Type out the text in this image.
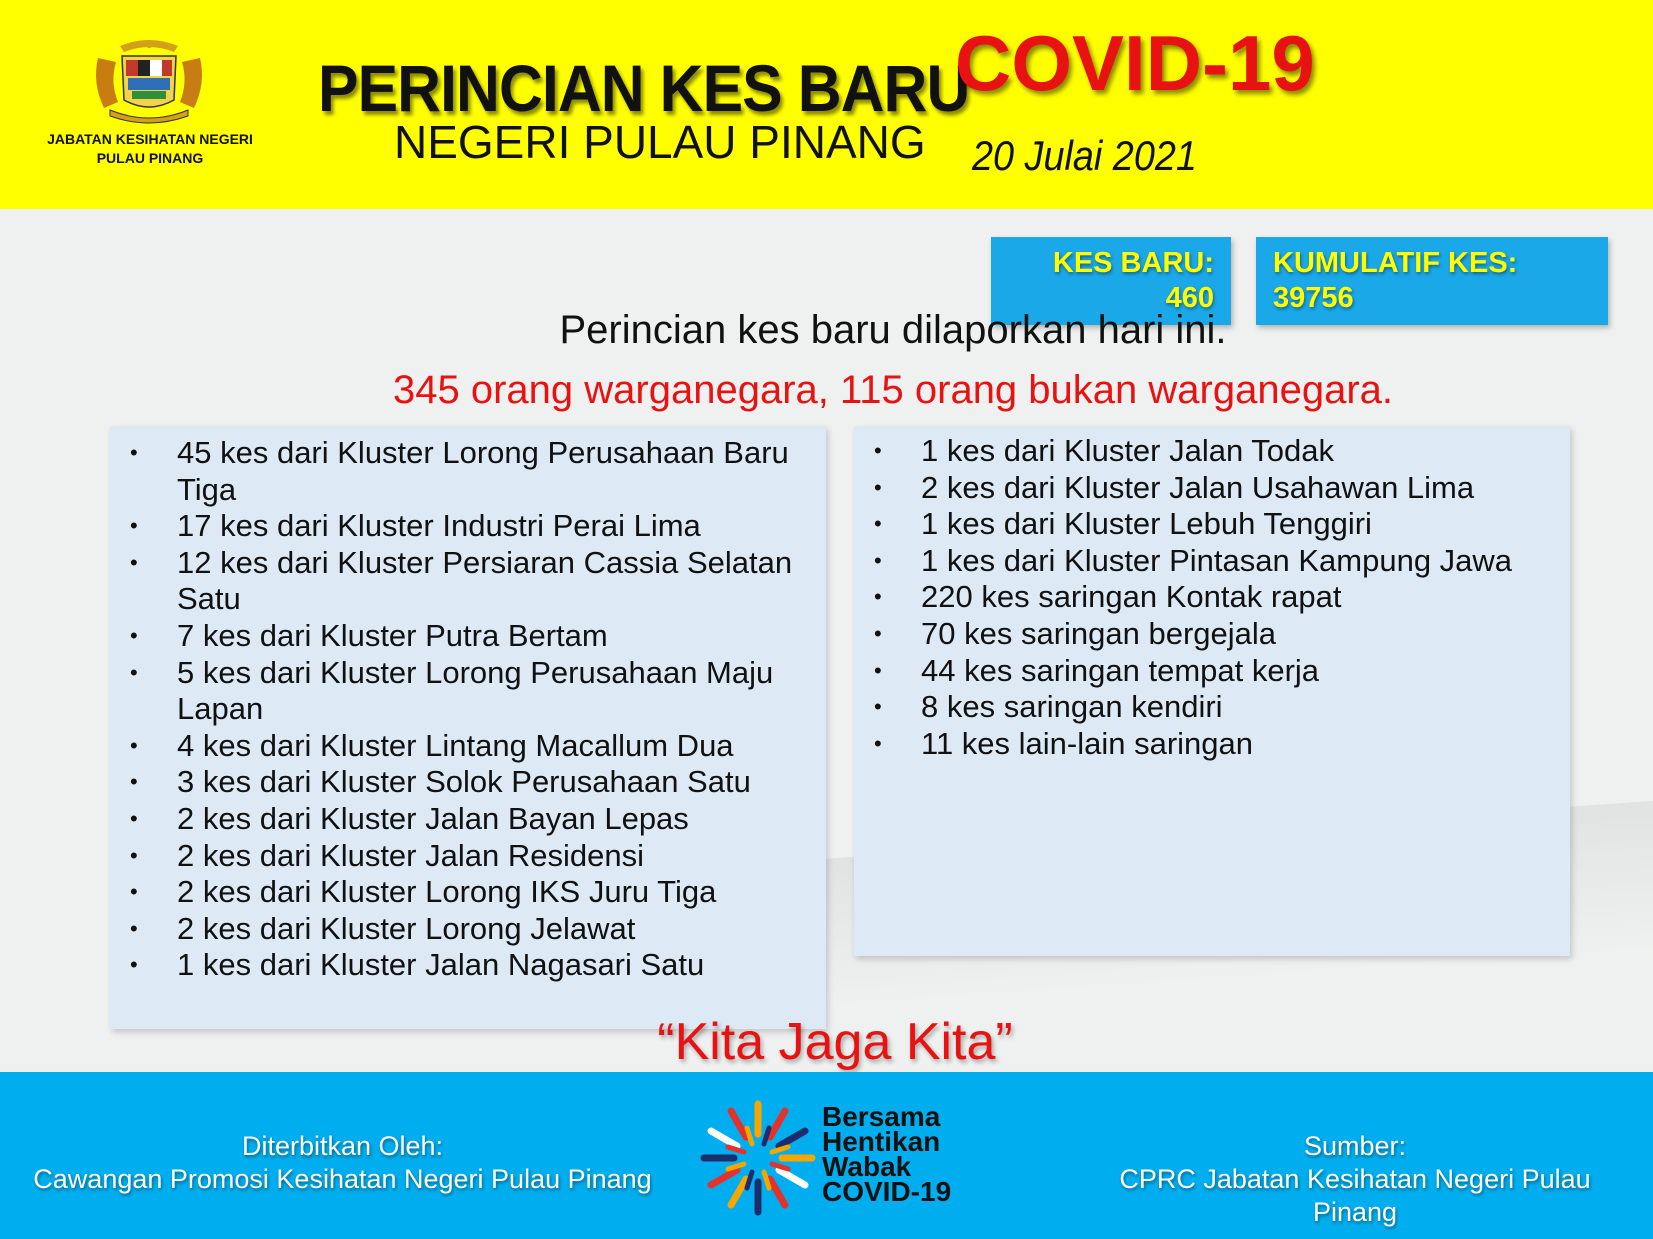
JABATAN KESIHATAN NEGERI
PULAU PINANG
PERINCIAN KES BARU
COVID-19
NEGERI PULAU PINANG 20 Julai 2021
KES BARU:
460
KUMULATIF KES:
39756
Perincian kes baru dilaporkan hari ini.
345 orang warganegara, 115 orang bukan warganegara.
• 45 kes dari Kluster Lorong Perusahaan Baru Tiga
• 17 kes dari Kluster Industri Perai Lima
• 12 kes dari Kluster Persiaran Cassia Selatan Satu
• 7 kes dari Kluster Putra Bertam
• 5 kes dari Kluster Lorong Perusahaan Maju Lapan
• 4 kes dari Kluster Lintang Macallum Dua
• 3 kes dari Kluster Solok Perusahaan Satu
• 2 kes dari Kluster Jalan Bayan Lepas
• 2 kes dari Kluster Jalan Residensi
• 2 kes dari Kluster Lorong IKS Juru Tiga
• 2 kes dari Kluster Lorong Jelawat
• 1 kes dari Kluster Jalan Nagasari Satu
• 1 kes dari Kluster Jalan Todak
• 2 kes dari Kluster Jalan Usahawan Lima
• 1 kes dari Kluster Lebuh Tenggiri
• 1 kes dari Kluster Pintasan Kampung Jawa
• 220 kes saringan Kontak rapat
• 70 kes saringan bergejala
• 44 kes saringan tempat kerja
• 8 kes saringan kendiri
• 11 kes lain-lain saringan
“Kita Jaga Kita”
Diterbitkan Oleh:
Cawangan Promosi Kesihatan Negeri Pulau Pinang
Bersama
Hentikan
Wabak
COVID-19
Sumber:
CPRC Jabatan Kesihatan Negeri Pulau Pinang
